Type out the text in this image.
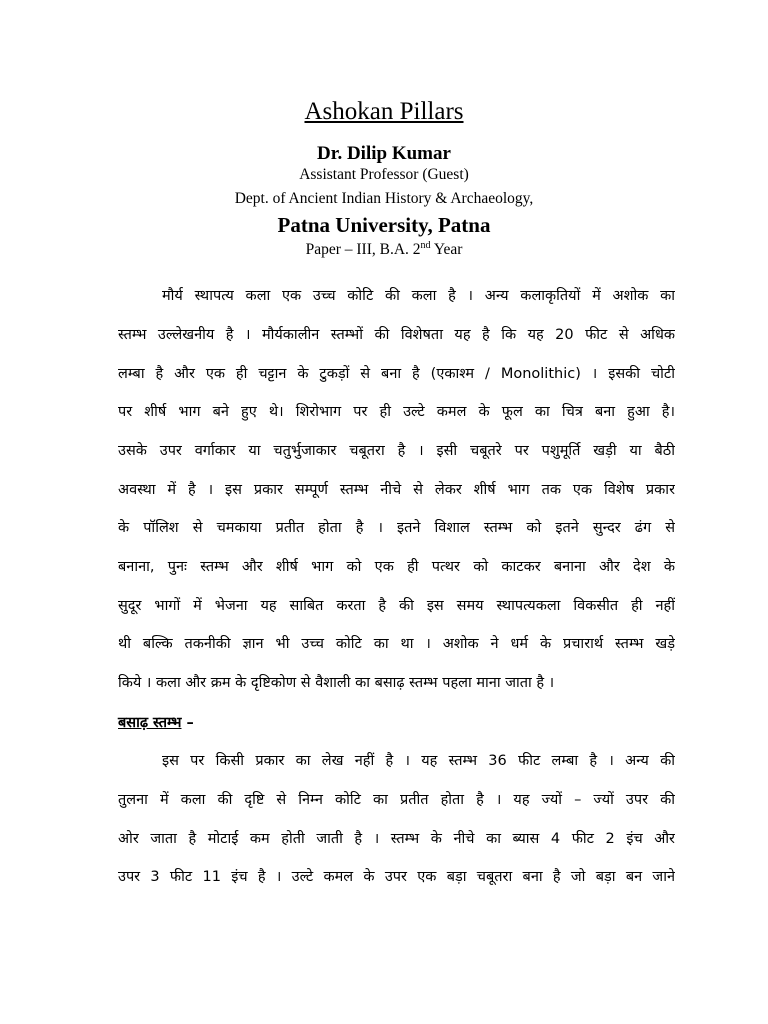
Ashokan Pillars
Dr. Dilip Kumar
Assistant Professor (Guest)
Dept. of Ancient Indian History & Archaeology,
Patna University, Patna
Paper – III, B.A. 2nd Year
मौर्य स्थापत्य कला एक उच्च कोटि की कला है । अन्य कलाकृतियों में अशोक का
स्तम्भ उल्लेखनीय है । मौर्यकालीन स्तम्भों की विशेषता यह है कि यह 20 फीट से अधिक
लम्बा है और एक ही चट्टान के टुकड़ों से बना है (एकाश्म / Monolithic) । इसकी चोटी
पर शीर्ष भाग बने हुए थे। शिरोभाग पर ही उल्टे कमल के फूल का चित्र बना हुआ है।
उसके उपर वर्गाकार या चतुर्भुजाकार चबूतरा है । इसी चबूतरे पर पशुमूर्ति खड़ी या बैठी
अवस्था में है । इस प्रकार सम्पूर्ण स्तम्भ नीचे से लेकर शीर्ष भाग तक एक विशेष प्रकार
के पॉलिश से चमकाया प्रतीत होता है । इतने विशाल स्तम्भ को इतने सुन्दर ढंग से
बनाना, पुनः स्तम्भ और शीर्ष भाग को एक ही पत्थर को काटकर बनाना और देश के
सुदूर भागों में भेजना यह साबित करता है की इस समय स्थापत्यकला विकसीत ही नहीं
थी बल्कि तकनीकी ज्ञान भी उच्च कोटि का था । अशोक ने धर्म के प्रचारार्थ स्तम्भ खड़े
किये । कला और क्रम के दृष्टिकोण से वैशाली का बसाढ़ स्तम्भ पहला माना जाता है ।
बसाढ़ स्तम्भ –
इस पर किसी प्रकार का लेख नहीं है । यह स्तम्भ 36 फीट लम्बा है । अन्य की
तुलना में कला की दृष्टि से निम्न कोटि का प्रतीत होता है । यह ज्यों – ज्यों उपर की
ओर जाता है मोटाई कम होती जाती है । स्तम्भ के नीचे का ब्यास 4 फीट 2 इंच और
उपर 3 फीट 11 इंच है । उल्टे कमल के उपर एक बड़ा चबूतरा बना है जो बड़ा बन जाने
